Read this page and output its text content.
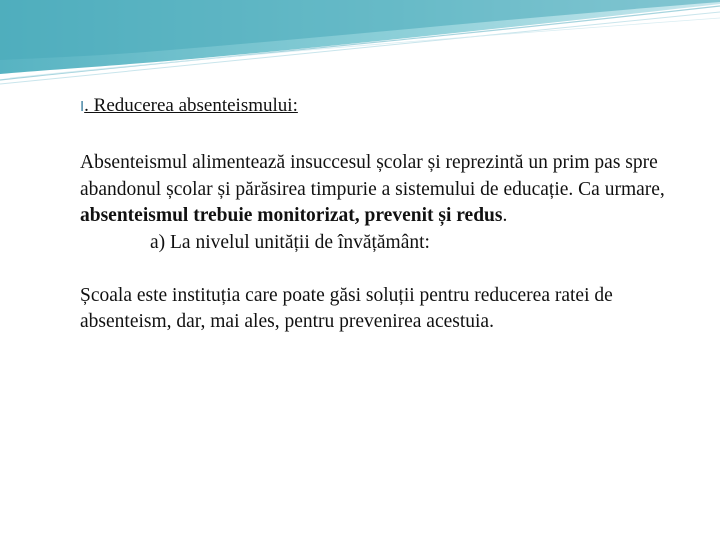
I. Reducerea absenteismului:

Absenteismul alimentează insuccesul școlar și reprezintă un prim pas spre abandonul școlar și părăsirea timpurie a sistemului de educație. Ca urmare, absenteismul trebuie monitorizat, prevenit și redus.

a) La nivelul unității de învățământ:

Școala este instituția care poate găsi soluții pentru reducerea ratei de absenteism, dar, mai ales, pentru prevenirea acestuia.
